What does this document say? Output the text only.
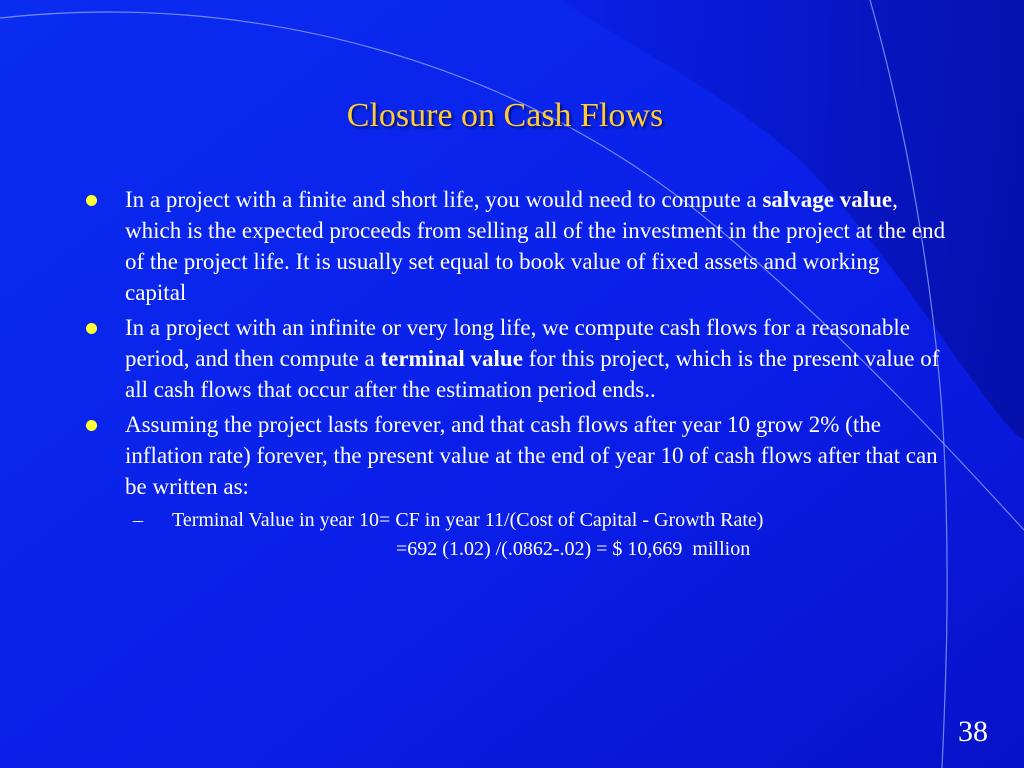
Closure on Cash Flows
In a project with a finite and short life, you would need to compute a salvage value, which is the expected proceeds from selling all of the investment in the project at the end of the project life. It is usually set equal to book value of fixed assets and working capital
In a project with an infinite or very long life, we compute cash flows for a reasonable period, and then compute a terminal value for this project, which is the present value of all cash flows that occur after the estimation period ends..
Assuming the project lasts forever, and that cash flows after year 10 grow 2% (the inflation rate) forever, the present value at the end of year 10 of cash flows after that can be written as:
– Terminal Value in year 10= CF in year 11/(Cost of Capital - Growth Rate)
=692 (1.02) /(.0862-.02) = $ 10,669  million
38
